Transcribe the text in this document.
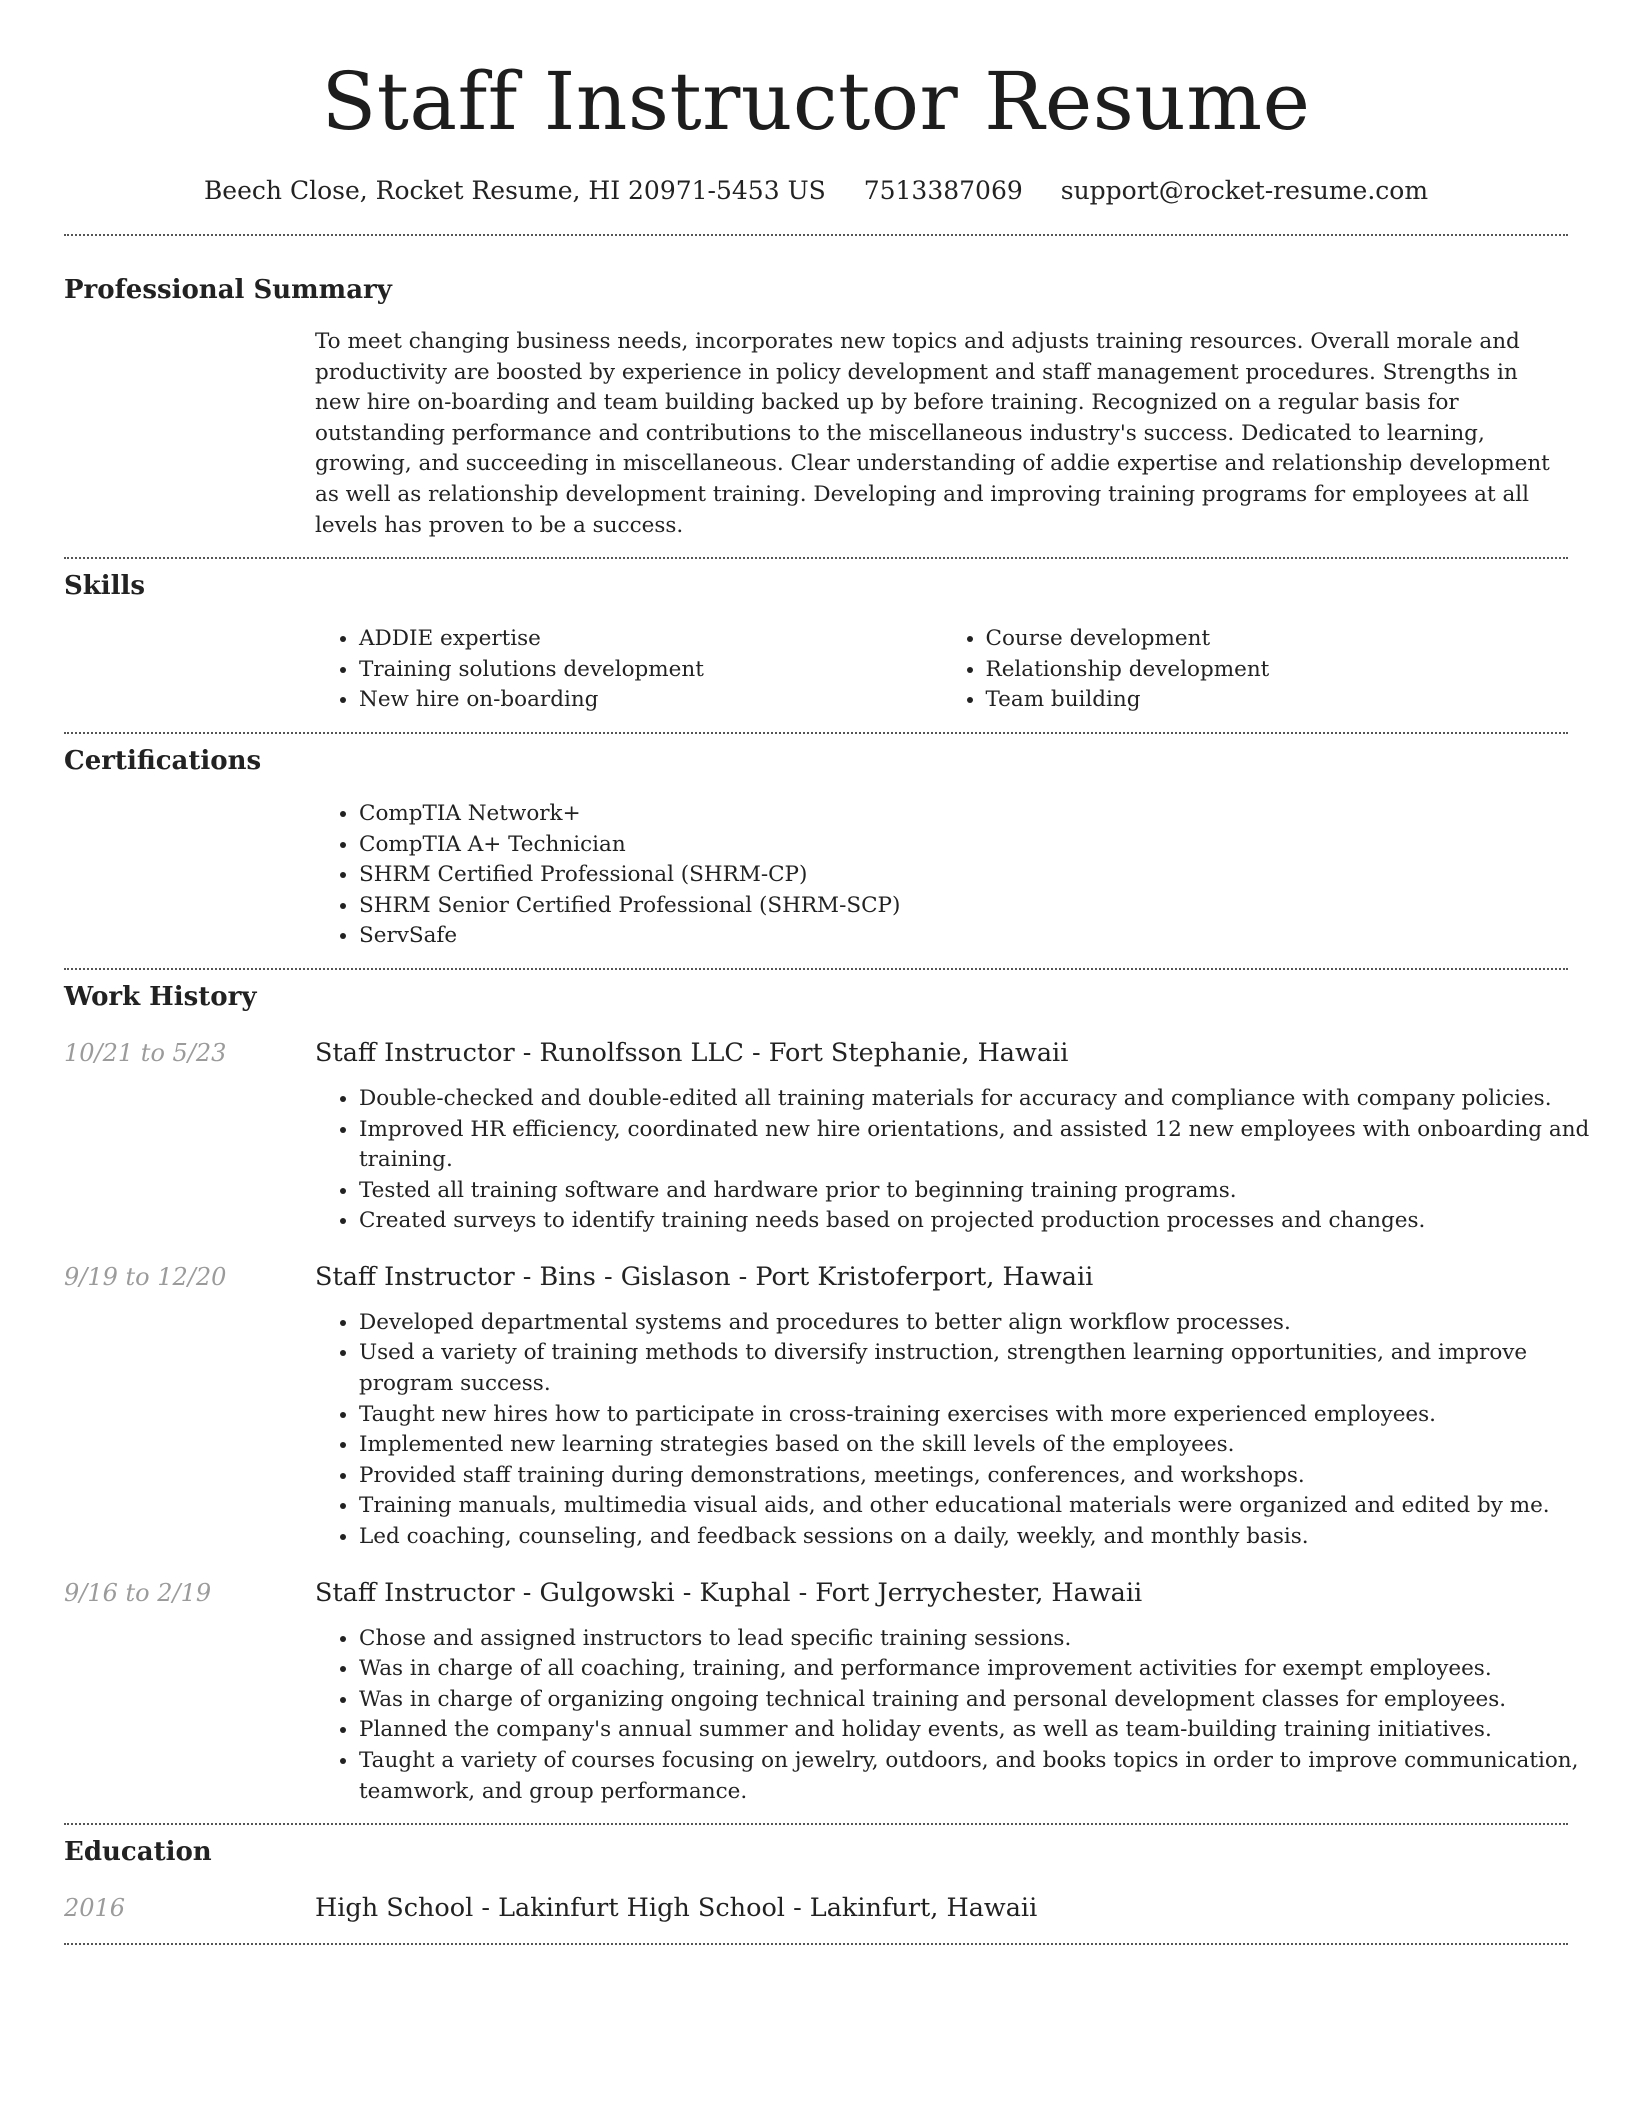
Staff Instructor Resume
Beech Close, Rocket Resume, HI 20971-5453 US 7513387069 support@rocket-resume.com
Professional Summary

To meet changing business needs, incorporates new topics and adjusts training resources. Overall morale and productivity are boosted by experience in policy development and staff management procedures. Strengths in new hire on-boarding and team building backed up by before training. Recognized on a regular basis for outstanding performance and contributions to the miscellaneous industry's success. Dedicated to learning, growing, and succeeding in miscellaneous. Clear understanding of addie expertise and relationship development as well as relationship development training. Developing and improving training programs for employees at all levels has proven to be a success.

Skills
• ADDIE expertise
• Training solutions development
• New hire on-boarding
• Course development
• Relationship development
• Team building
Certifications
• CompTIA Network+
• CompTIA A+ Technician
• SHRM Certified Professional (SHRM-CP)
• SHRM Senior Certified Professional (SHRM-SCP)
• ServSafe
Work History
10/21 to 5/23	Staff Instructor - Runolfsson LLC - Fort Stephanie, Hawaii
• Double-checked and double-edited all training materials for accuracy and compliance with company policies.
• Improved HR efficiency, coordinated new hire orientations, and assisted 12 new employees with onboarding and training.
• Tested all training software and hardware prior to beginning training programs.
• Created surveys to identify training needs based on projected production processes and changes.
9/19 to 12/20	Staff Instructor - Bins - Gislason - Port Kristoferport, Hawaii
• Developed departmental systems and procedures to better align workflow processes.
• Used a variety of training methods to diversify instruction, strengthen learning opportunities, and improve program success.
• Taught new hires how to participate in cross-training exercises with more experienced employees.
• Implemented new learning strategies based on the skill levels of the employees.
• Provided staff training during demonstrations, meetings, conferences, and workshops.
• Training manuals, multimedia visual aids, and other educational materials were organized and edited by me.
• Led coaching, counseling, and feedback sessions on a daily, weekly, and monthly basis.
9/16 to 2/19	Staff Instructor - Gulgowski - Kuphal - Fort Jerrychester, Hawaii
• Chose and assigned instructors to lead specific training sessions.
• Was in charge of all coaching, training, and performance improvement activities for exempt employees.
• Was in charge of organizing ongoing technical training and personal development classes for employees.
• Planned the company's annual summer and holiday events, as well as team-building training initiatives.
• Taught a variety of courses focusing on jewelry, outdoors, and books topics in order to improve communication, teamwork, and group performance.
Education
2016	High School - Lakinfurt High School - Lakinfurt, Hawaii
